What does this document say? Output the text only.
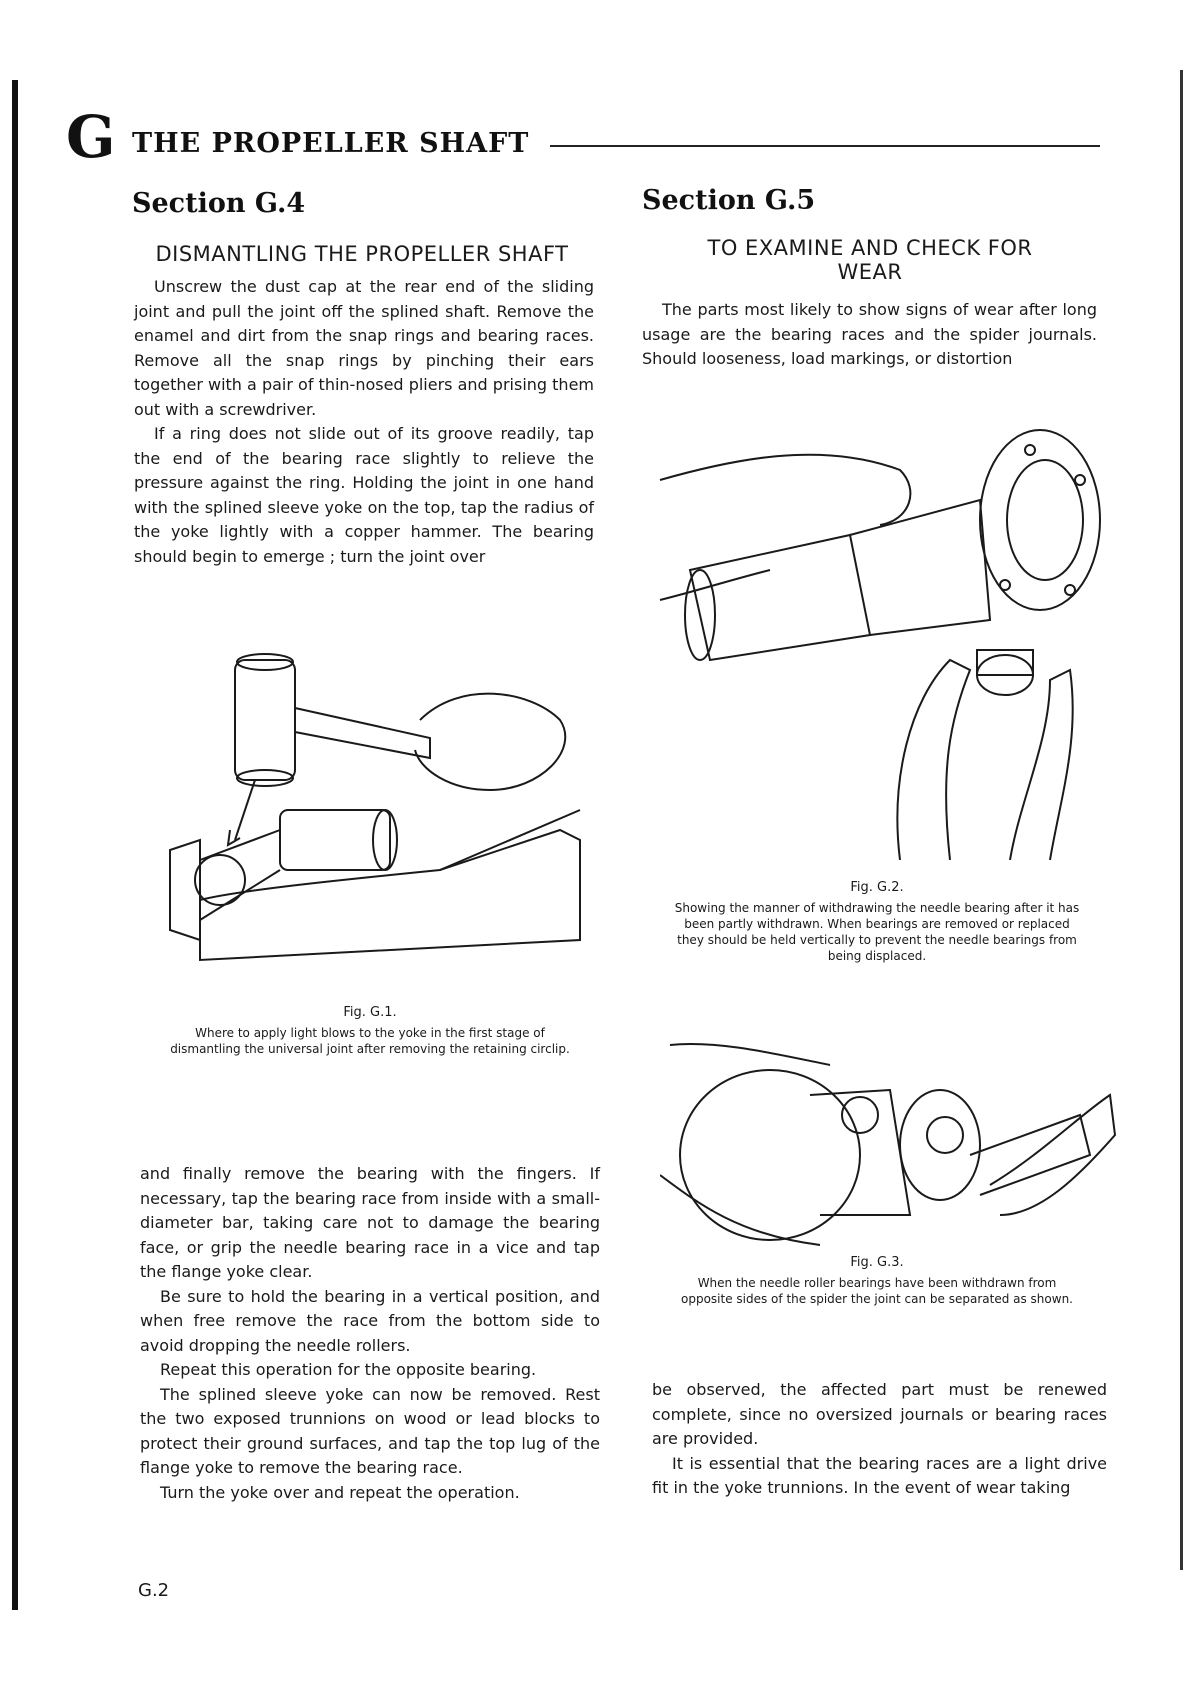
G THE PROPELLER SHAFT
Section G.4
DISMANTLING THE PROPELLER SHAFT

Unscrew the dust cap at the rear end of the sliding joint and pull the joint off the splined shaft. Remove the enamel and dirt from the snap rings and bearing races. Remove all the snap rings by pinching their ears together with a pair of thin-nosed pliers and prising them out with a screwdriver.

If a ring does not slide out of its groove readily, tap the end of the bearing race slightly to relieve the pressure against the ring. Holding the joint in one hand with the splined sleeve yoke on the top, tap the radius of the yoke lightly with a copper hammer. The bearing should begin to emerge ; turn the joint over

Fig. G.1.
Where to apply light blows to the yoke in the first stage of dismantling the universal joint after removing the retaining circlip.

and finally remove the bearing with the fingers. If necessary, tap the bearing race from inside with a small-diameter bar, taking care not to damage the bearing face, or grip the needle bearing race in a vice and tap the flange yoke clear.

Be sure to hold the bearing in a vertical position, and when free remove the race from the bottom side to avoid dropping the needle rollers.

Repeat this operation for the opposite bearing.

The splined sleeve yoke can now be removed. Rest the two exposed trunnions on wood or lead blocks to protect their ground surfaces, and tap the top lug of the flange yoke to remove the bearing race.

Turn the yoke over and repeat the operation.

Section G.5
TO EXAMINE AND CHECK FOR WEAR

The parts most likely to show signs of wear after long usage are the bearing races and the spider journals. Should looseness, load markings, or distortion

Fig. G.2.
Showing the manner of withdrawing the needle bearing after it has been partly withdrawn. When bearings are removed or replaced they should be held vertically to prevent the needle bearings from being displaced.
Fig. G.3.
When the needle roller bearings have been withdrawn from opposite sides of the spider the joint can be separated as shown.

be observed, the affected part must be renewed complete, since no oversized journals or bearing races are provided.

It is essential that the bearing races are a light drive fit in the yoke trunnions. In the event of wear taking

G.2
